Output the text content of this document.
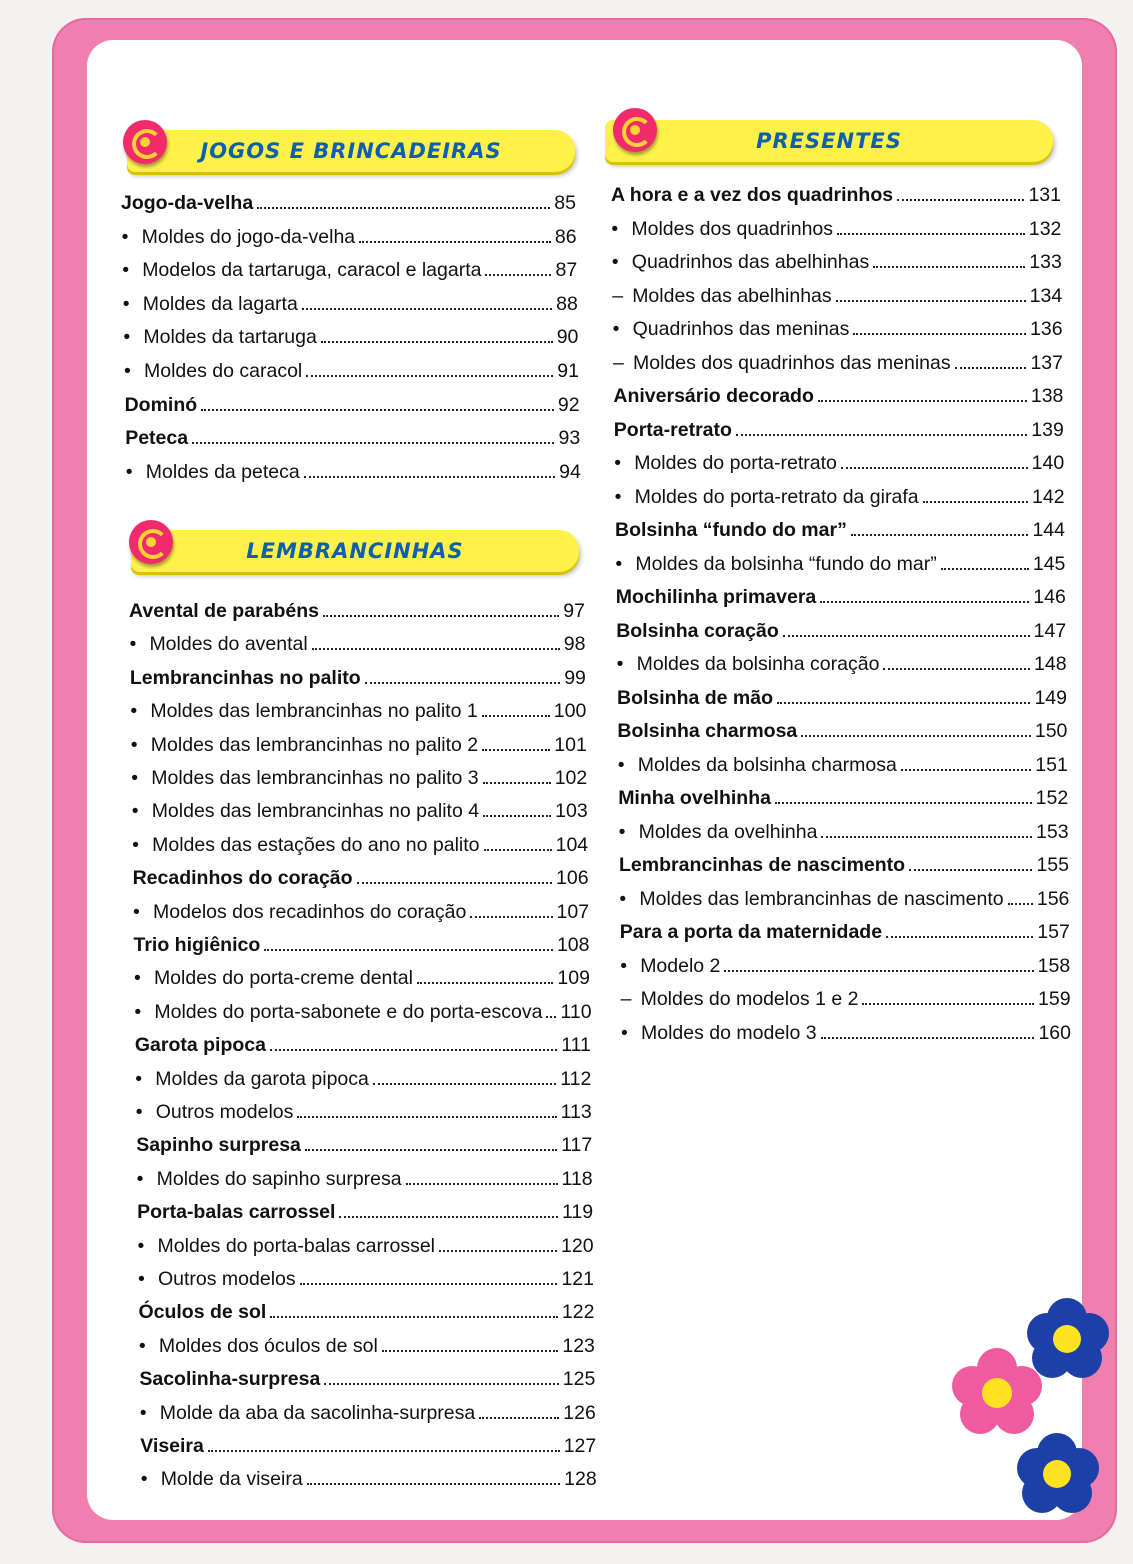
JOGOS E BRINCADEIRAS
LEMBRANCINHAS
Jogo-da-velha	85
• Moldes do jogo-da-velha	86
• Modelos da tartaruga, caracol e lagarta	87
• Moldes da lagarta	88
• Moldes da tartaruga	90
• Moldes do caracol	91
Dominó	92
Peteca	93
• Moldes da peteca	94
Avental de parabéns	97
• Moldes do avental	98
Lembrancinhas no palito	99
• Moldes das lembrancinhas no palito 1	100
• Moldes das lembrancinhas no palito 2	101
• Moldes das lembrancinhas no palito 3	102
• Moldes das lembrancinhas no palito 4	103
• Moldes das estações do ano no palito	104
Recadinhos do coração	106
• Modelos dos recadinhos do coração	107
Trio higiênico	108
• Moldes do porta-creme dental	109
• Moldes do porta-sabonete e do porta-escova 110
Garota pipoca	111
• Moldes da garota pipoca	112
• Outros modelos	113
Sapinho surpresa	117
• Moldes do sapinho surpresa	118
Porta-balas carrossel	119
• Moldes do porta-balas carrossel	120
• Outros modelos	121
Óculos de sol	122
• Moldes dos óculos de sol	123
Sacolinha-surpresa	125
• Molde da aba da sacolinha-surpresa	126
Viseira	127
• Molde da viseira	128
PRESENTES
A hora e a vez dos quadrinhos	131
• Moldes dos quadrinhos	132
• Quadrinhos das abelhinhas	133
– Moldes das abelhinhas	134
• Quadrinhos das meninas	136
– Moldes dos quadrinhos das meninas	137
Aniversário decorado	138
Porta-retrato	139
• Moldes do porta-retrato	140
• Moldes do porta-retrato da girafa	142
Bolsinha “fundo do mar”	144
• Moldes da bolsinha “fundo do mar”	145
Mochilinha primavera	146
Bolsinha coração	147
• Moldes da bolsinha coração	148
Bolsinha de mão	149
Bolsinha charmosa	150
• Moldes da bolsinha charmosa	151
Minha ovelhinha	152
• Moldes da ovelhinha	153
Lembrancinhas de nascimento	155
• Moldes das lembrancinhas de nascimento 156
Para a porta da maternidade	157
• Modelo 2	158
– Moldes do modelos 1 e 2	159
• Moldes do modelo 3	160
